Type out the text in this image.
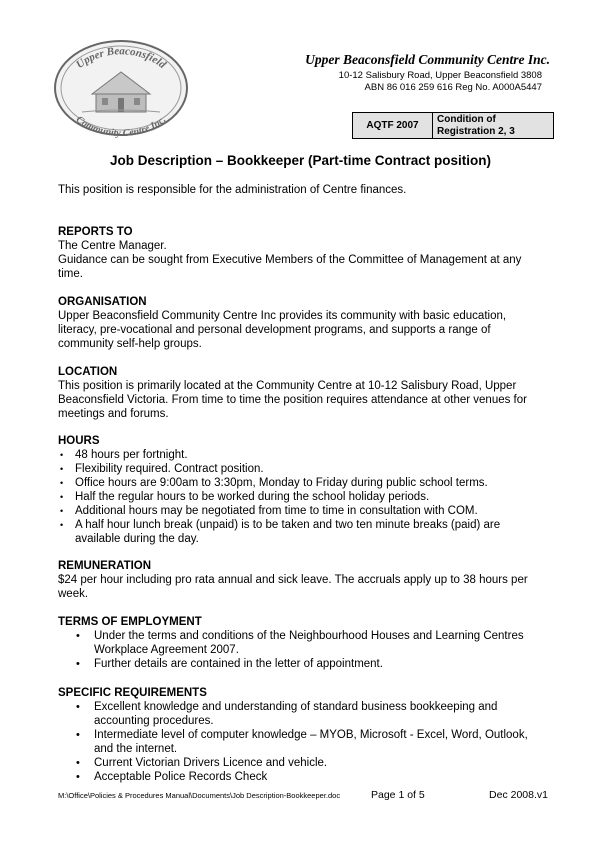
Upper Beaconsfield
Community Centre Inc.
Upper Beaconsfield Community Centre Inc.
10-12 Salisbury Road, Upper Beaconsfield 3808
ABN 86 016 259 616 Reg No. A000A5447
AQTF 2007
Condition of
Registration 2, 3
Job Description – Bookkeeper (Part-time Contract position)
This position is responsible for the administration of Centre finances.
REPORTS TO
The Centre Manager.
Guidance can be sought from Executive Members of the Committee of Management at any time.
ORGANISATION
Upper Beaconsfield Community Centre Inc provides its community with basic education, literacy, pre-vocational and personal development programs, and supports a range of community self-help groups.
LOCATION
This position is primarily located at the Community Centre at 10-12 Salisbury Road, Upper Beaconsfield Victoria. From time to time the position requires attendance at other venues for meetings and forums.
HOURS
• 48 hours per fortnight.
• Flexibility required. Contract position.
• Office hours are 9:00am to 3:30pm, Monday to Friday during public school terms.
• Half the regular hours to be worked during the school holiday periods.
• Additional hours may be negotiated from time to time in consultation with COM.
• A half hour lunch break (unpaid) is to be taken and two ten minute breaks (paid) are available during the day.
REMUNERATION
$24 per hour including pro rata annual and sick leave. The accruals apply up to 38 hours per week.
TERMS OF EMPLOYMENT
• Under the terms and conditions of the Neighbourhood Houses and Learning Centres Workplace Agreement 2007.
• Further details are contained in the letter of appointment.
SPECIFIC REQUIREMENTS
• Excellent knowledge and understanding of standard business bookkeeping and accounting procedures.
• Intermediate level of computer knowledge – MYOB, Microsoft - Excel, Word, Outlook, and the internet.
• Current Victorian Drivers Licence and vehicle.
• Acceptable Police Records Check
M:\Office\Policies & Procedures Manual\Documents\Job Description-Bookkeeper.doc	Page 1 of 5	Dec 2008.v1
